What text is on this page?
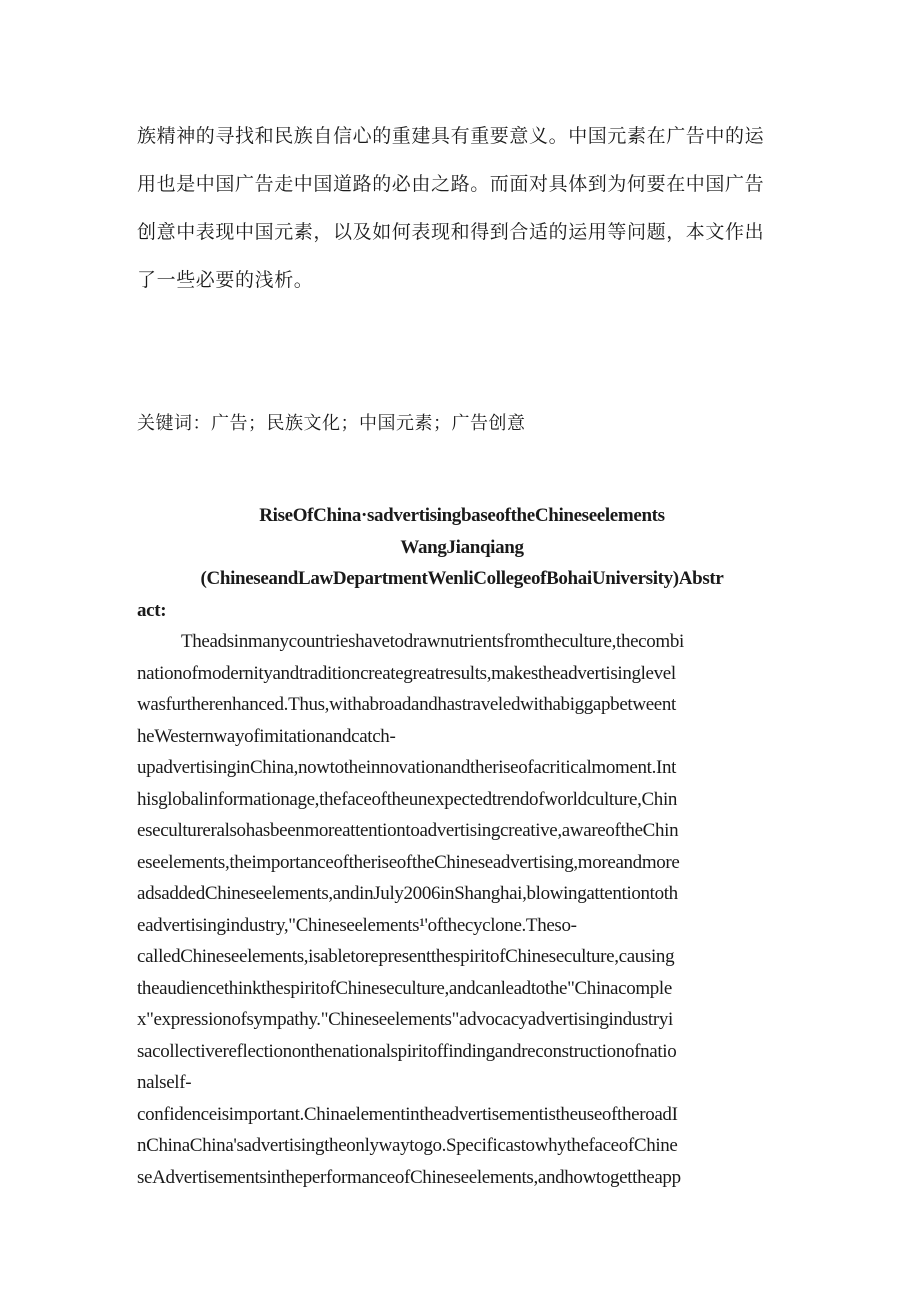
族精神的寻找和民族自信心的重建具有重要意义。中国元素在广告中的运
用也是中国广告走中国道路的必由之路。而面对具体到为何要在中国广告
创意中表现中国元素，以及如何表现和得到合适的运用等问题，本文作出
了一些必要的浅析。

关键词：广告；民族文化；中国元素；广告创意

RiseOfChina·sadvertisingbaseoftheChineseelements
WangJianqiang
(ChineseandLawDepartmentWenliCollegeofBohaiUniversity)Abstr
act:
Theadsinmanycountrieshavetodrawnutrientsfromtheculture,thecombi
nationofmodernityandtraditioncreategreatresults,makestheadvertisinglevel
wasfurtherenhanced.Thus,withabroadandhastraveledwithabiggapbetweent
heWesternwayofimitationandcatch-
upadvertisinginChina,nowtotheinnovationandtheriseofacriticalmoment.Int
hisglobalinformationage,thefaceoftheunexpectedtrendofworldculture,Chin
esecultureralsohasbeenmoreattentiontoadvertisingcreative,awareoftheChin
eseelements,theimportanceoftheriseoftheChineseadvertising,moreandmore
adsaddedChineseelements,andinJuly2006inShanghai,blowingattentiontoth
eadvertisingindustry,"Chineseelements¹'ofthecyclone.Theso-
calledChineseelements,isabletorepresentthespiritofChineseculture,causing
theaudiencethinkthespiritofChineseculture,andcanleadtothe"Chinacomple
x"expressionofsympathy."Chineseelements"advocacyadvertisingindustryi
sacollectivereflectiononthenationalspiritoffindingandreconstructionofnatio
nalself-
confidenceisimportant.ChinaelementintheadvertisementistheuseoftheroadI
nChinaChina'sadvertisingtheonlywaytogo.SpecificastowhythefaceofChine
seAdvertisementsintheperformanceofChineseelements,andhowtogettheapp
